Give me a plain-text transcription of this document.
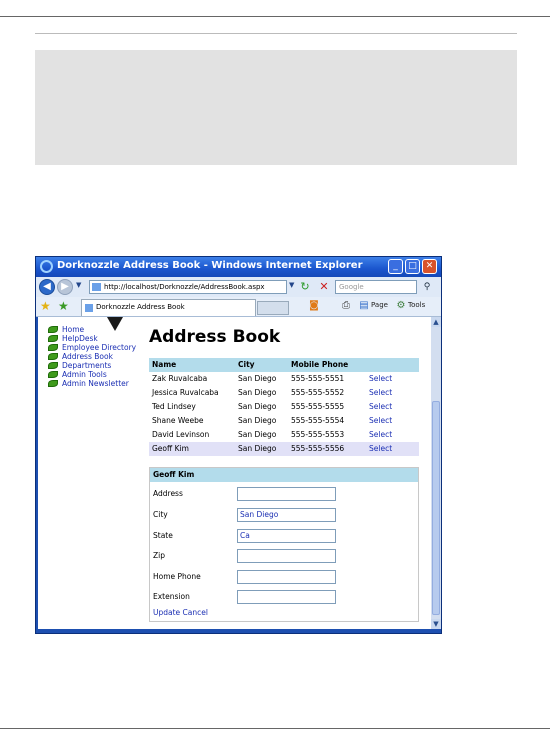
Dorknozzle Address Book - Windows Internet Explorer	_	□ ✕
◀	▶	▼	http://localhost/Dorknozzle/AddressBook.aspx	▼ ↻ ✕	Google	⚲
★ ★	Dorknozzle Address Book	◙ ⎙ ▤ Page ⚙ Tools
Home
HelpDesk
Employee Directory
Address Book
Departments
Admin Tools
Admin Newsletter
Address Book
Name	City	Mobile Phone
Zak Ruvalcaba	San Diego 555-555-5551	Select
Jessica Ruvalcaba	San Diego 555-555-5552	Select
Ted Lindsey	San Diego 555-555-5555	Select
Shane Weebe	San Diego 555-555-5554	Select
David Levinson	San Diego 555-555-5553	Select
Geoff Kim	San Diego 555-555-5556	Select
Geoff Kim
Address
City	San Diego
State	Ca
Zip
Home Phone
Extension
Update Cancel
▲
▼
